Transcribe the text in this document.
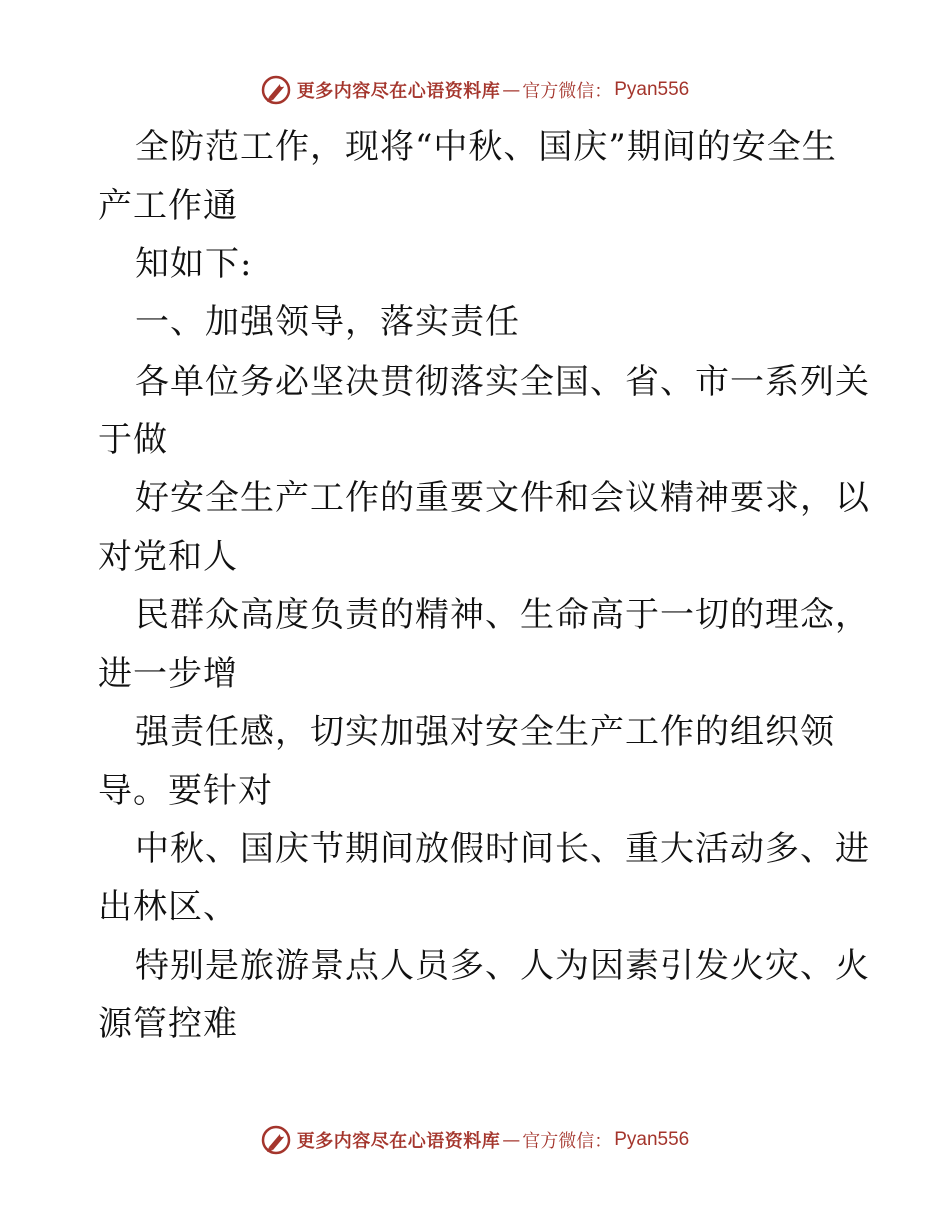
更多内容尽在心语资料库 — 官方微信： Pyan556
全防范工作，现将“中秋、国庆”期间的安全生
产工作通
知如下:
一、加强领导，落实责任
各单位务必坚决贯彻落实全国、省、市一系列关
于做
好安全生产工作的重要文件和会议精神要求，以
对党和人
民群众高度负责的精神、生命高于一切的理念，
进一步增
强责任感，切实加强对安全生产工作的组织领
导。要针对
中秋、国庆节期间放假时间长、重大活动多、进
出林区、
特别是旅游景点人员多、人为因素引发火灾、火
源管控难
更多内容尽在心语资料库 — 官方微信： Pyan556
